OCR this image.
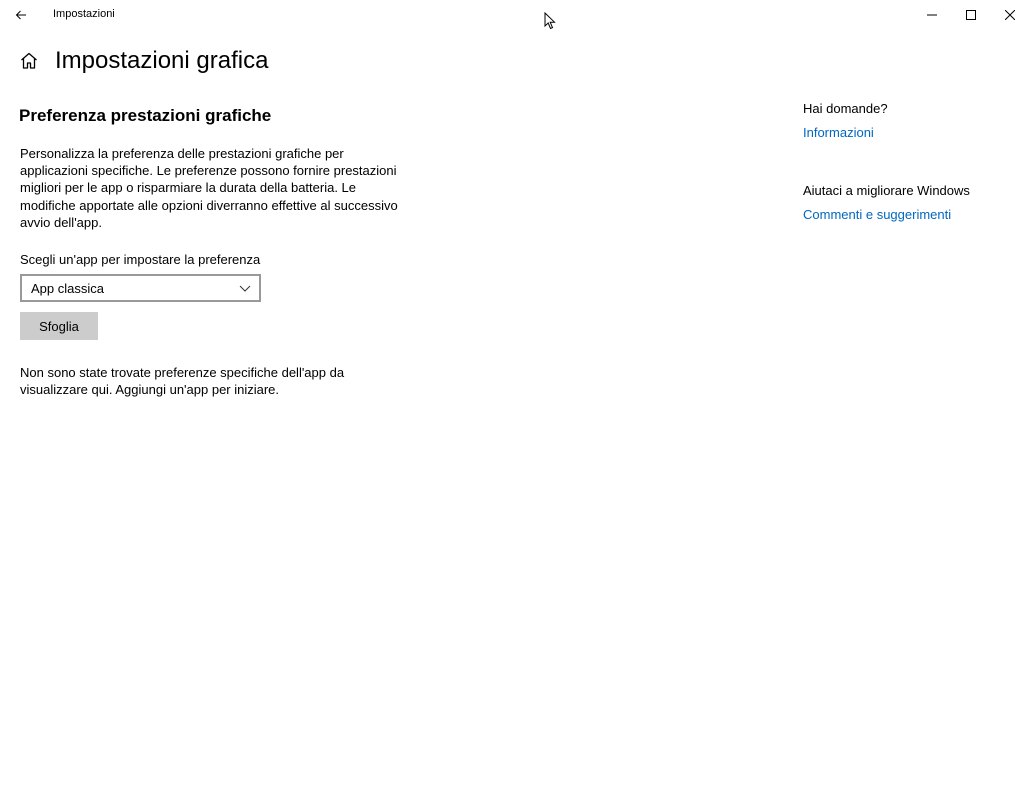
Impostazioni
Impostazioni grafica
Preferenza prestazioni grafiche

Personalizza la preferenza delle prestazioni grafiche per applicazioni specifiche. Le preferenze possono fornire prestazioni migliori per le app o risparmiare la durata della batteria. Le modifiche apportate alle opzioni diverranno effettive al successivo avvio dell'app.

Scegli un'app per impostare la preferenza
App classica
Sfoglia

Non sono state trovate preferenze specifiche dell'app da visualizzare qui. Aggiungi un'app per iniziare.

Hai domande?
Informazioni
Aiutaci a migliorare Windows
Commenti e suggerimenti
